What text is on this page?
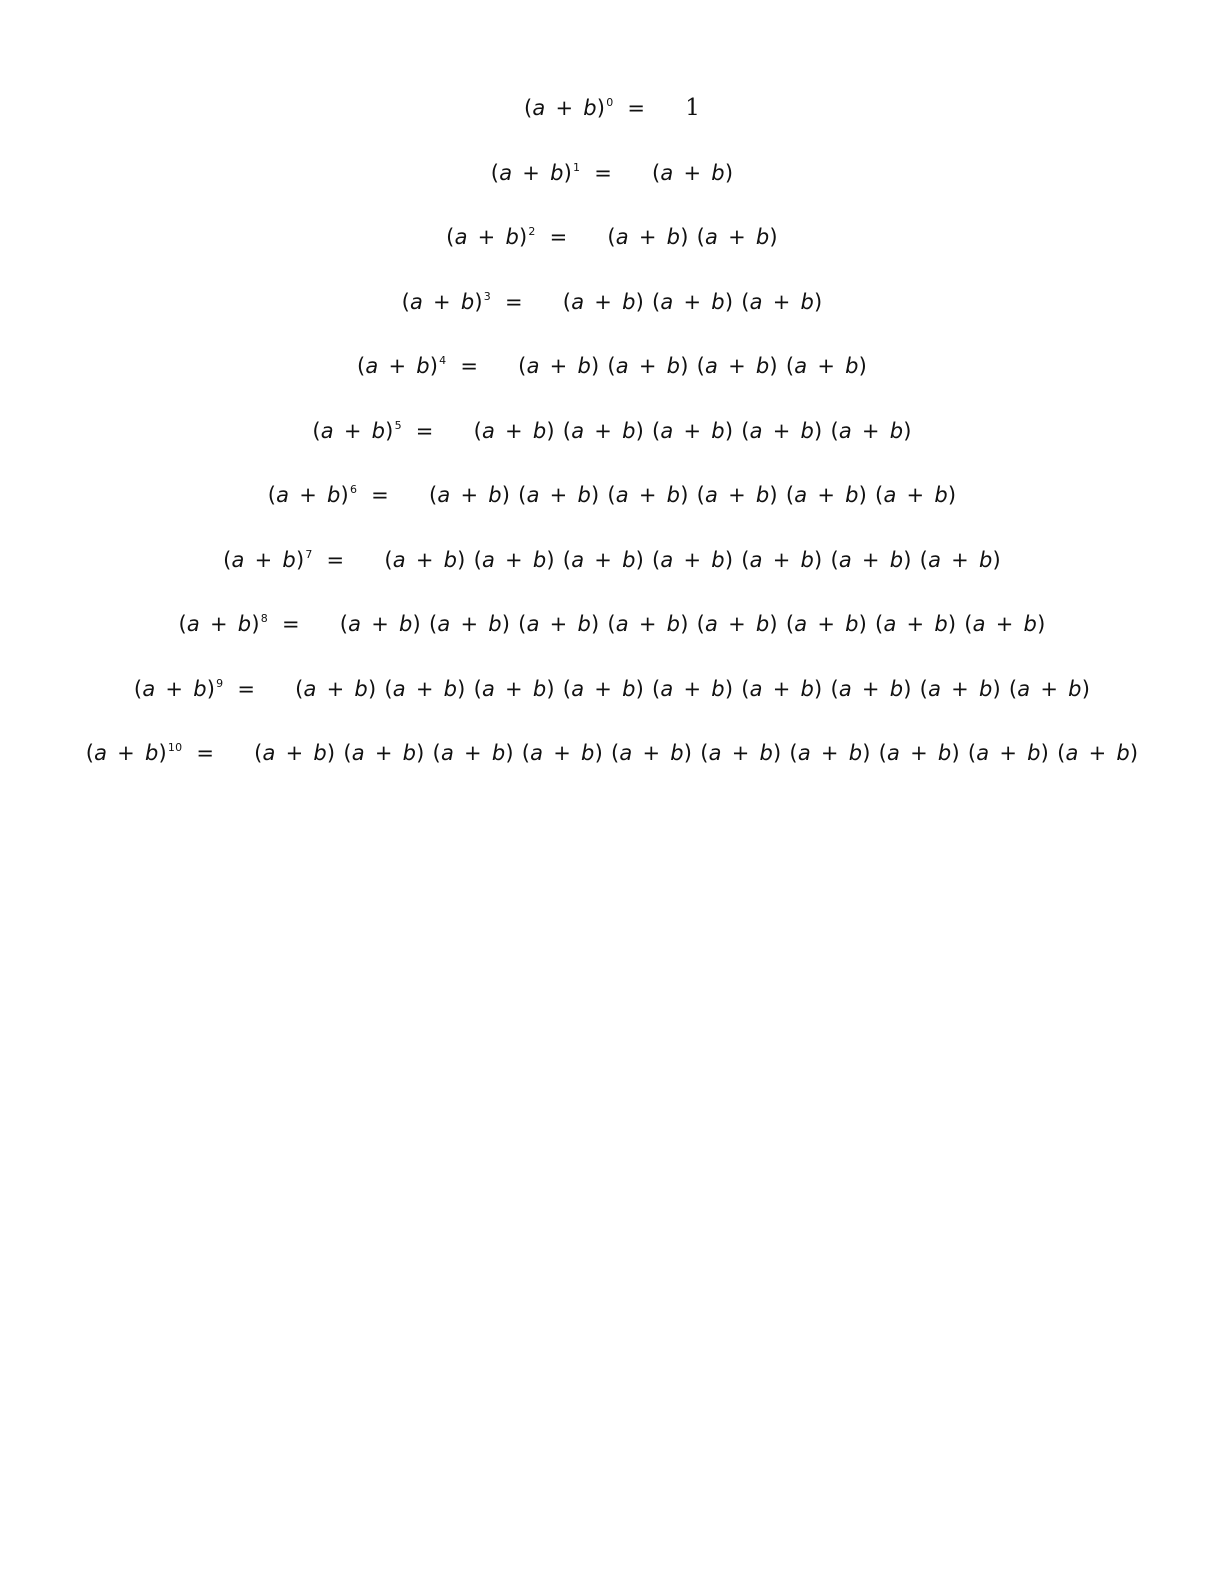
$(a + b)^0 = 1$
$(a + b)^1 = (a + b)$
$(a + b)^2 = (a + b)$ (a + b)
$(a + b)^3 = (a + b)$ (a + b) (a + b)
$(a + b)^4 = (a + b)$ (a + b) (a + b) (a + b)
$(a + b)^5 = (a + b)$ (a + b) (a + b) (a + b) (a + b)
$(a + b)^6 = (a + b)$ (a + b) (a + b) (a + b) (a + b) (a + b)
$(a + b)^7 = (a + b)$ (a + b) (a + b) (a + b) (a + b) (a + b) (a + b)
$(a + b)^8 = (a + b)$ (a + b) (a + b) (a + b) (a + b) (a + b) (a + b) (a + b)
$(a + b)^9 = (a + b)$ (a + b) (a + b) (a + b) (a + b) (a + b) (a + b) (a + b) (a + b)
$(a + b)^{10} = (a + b)$ (a + b) (a + b) (a + b) (a + b) (a + b) (a + b) (a + b) (a + b) (a + b)
